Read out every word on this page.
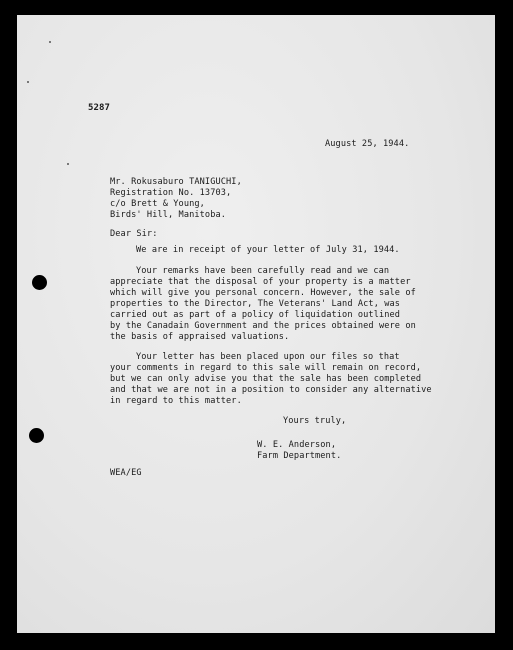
5287

August 25, 1944.

Mr. Rokusaburo TANIGUCHI,

Registration No. 13703,

c/o Brett & Young,

Birds' Hill, Manitoba.

Dear Sir:

We are in receipt of your letter of July 31, 1944.

Your remarks have been carefully read and we can

appreciate that the disposal of your property is a matter

which will give you personal concern. However, the sale of

properties to the Director, The Veterans' Land Act, was

carried out as part of a policy of liquidation outlined

by the Canadain Government and the prices obtained were on

the basis of appraised valuations.

Your letter has been placed upon our files so that

your comments in regard to this sale will remain on record,

but we can only advise you that the sale has been completed

and that we are not in a position to consider any alternative

in regard to this matter.

Yours truly,

W. E. Anderson,

Farm Department.

WEA/EG
